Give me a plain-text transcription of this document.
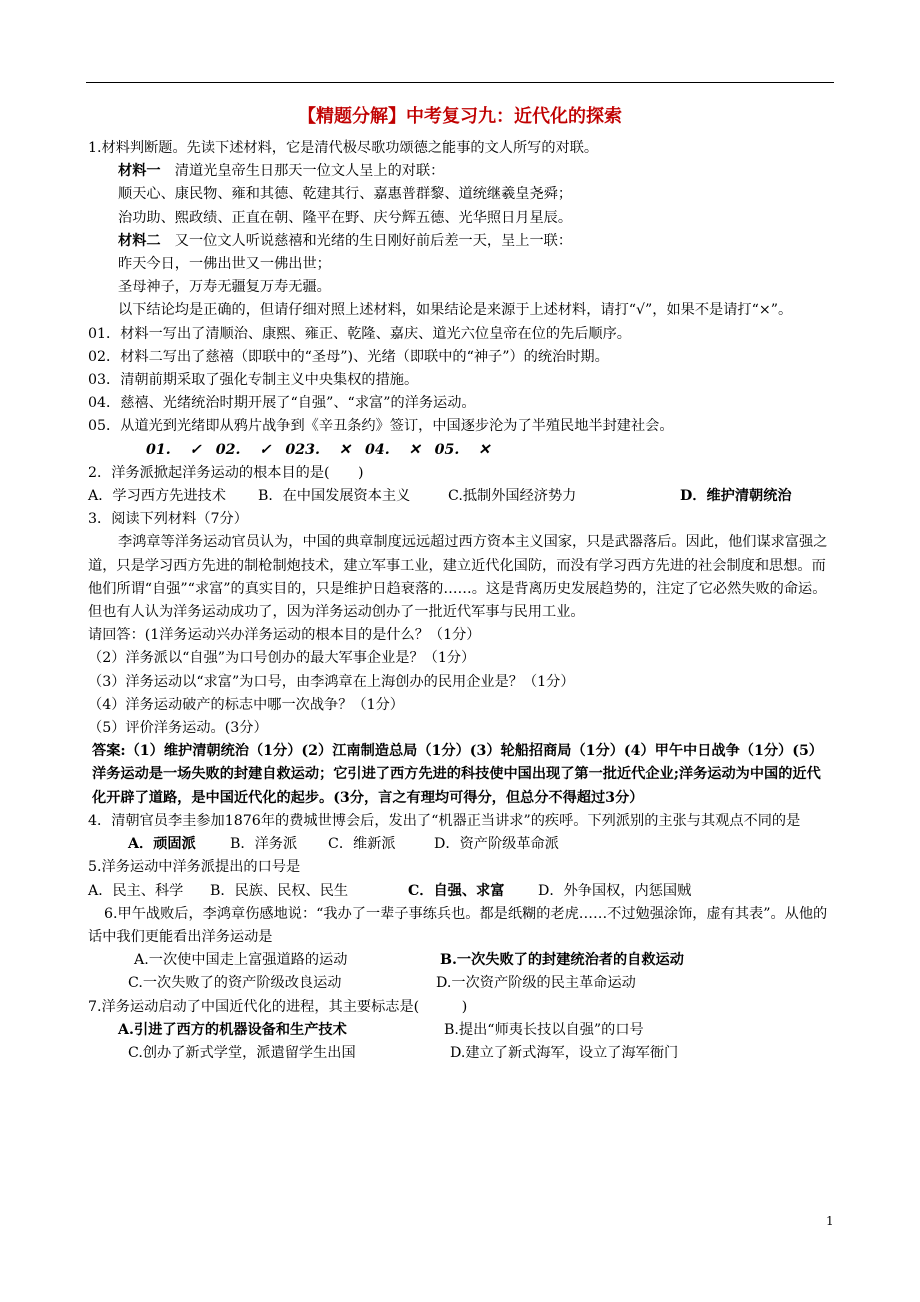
【精题分解】中考复习九：近代化的探索

1.材料判断题。先读下述材料，它是清代极尽歌功颂德之能事的文人所写的对联。

材料一　清道光皇帝生日那天一位文人呈上的对联：

顺天心、康民物、雍和其德、乾建其行、嘉惠普群黎、道统继羲皇尧舜；

治功助、熙政绩、正直在朝、隆平在野、庆兮辉五德、光华照日月星辰。

材料二　又一位文人听说慈禧和光绪的生日刚好前后差一天，呈上一联：

昨天今日，一佛出世又一佛出世；

圣母神子，万寿无疆复万寿无疆。

以下结论均是正确的，但请仔细对照上述材料，如果结论是来源于上述材料，请打“√”，如果不是请打“×”。

01．材料一写出了清顺治、康熙、雍正、乾隆、嘉庆、道光六位皇帝在位的先后顺序。

02．材料二写出了慈禧（即联中的“圣母”)、光绪（即联中的“神子”）的统治时期。

03．清朝前期采取了强化专制主义中央集权的措施。

04．慈禧、光绪统治时期开展了“自强”、“求富”的洋务运动。

05．从道光到光绪即从鸦片战争到《辛丑条约》签订，中国逐步沦为了半殖民地半封建社会。

01. ✓　02. ✓　023. ✕　04. ✕　05. ✕

2．洋务派掀起洋务运动的根本目的是(　　)

A．学习西方先进技术	B．在中国发展资本主义	C.抵制外国经济势力	D．维护清朝统治

3．阅读下列材料（7分）

李鸿章等洋务运动官员认为，中国的典章制度远远超过西方资本主义国家，只是武器落后。因此，他们谋求富强之道，只是学习西方先进的制枪制炮技术，建立军事工业，建立近代化国防，而没有学习西方先进的社会制度和思想。而他们所谓“自强”“求富”的真实目的，只是维护日趋衰落的……。这是背离历史发展趋势的，注定了它必然失败的命运。但也有人认为洋务运动成功了，因为洋务运动创办了一批近代军事与民用工业。

请回答：(1洋务运动兴办洋务运动的根本目的是什么？（1分）

（2）洋务派以“自强”为口号创办的最大军事企业是？（1分）

（3）洋务运动以“求富”为口号，由李鸿章在上海创办的民用企业是？（1分）

（4）洋务运动破产的标志中哪一次战争？（1分）

（5）评价洋务运动。(3分）

答案:（1）维护清朝统治（1分）(2）江南制造总局（1分）(3）轮船招商局（1分）(4）甲午中日战争（1分）(5）洋务运动是一场失败的封建自救运动；它引进了西方先进的科技使中国出现了第一批近代企业;洋务运动为中国的近代化开辟了道路，是中国近代化的起步。(3分，言之有理均可得分，但总分不得超过3分）

4．清朝官员李圭参加1876年的费城世博会后，发出了“机器正当讲求”的疾呼。下列派别的主张与其观点不同的是

A．顽固派	B．洋务派	C．维新派	D．资产阶级革命派

5.洋务运动中洋务派提出的口号是

A．民主、科学	B．民族、民权、民生	C．自强、求富	D．外争国权，内惩国贼

6.甲午战败后，李鸿章伤感地说：“我办了一辈子事练兵也。都是纸糊的老虎……不过勉强涂饰，虚有其表”。从他的话中我们更能看出洋务运动是

A.一次使中国走上富强道路的运动	B.一次失败了的封建统治者的自救运动

C.一次失败了的资产阶级改良运动	D.一次资产阶级的民主革命运动

7.洋务运动启动了中国近代化的进程，其主要标志是(　　　)

A.引进了西方的机器设备和生产技术	B.提出“师夷长技以自强”的口号

C.创办了新式学堂，派遣留学生出国	D.建立了新式海军，设立了海军衙门

1
